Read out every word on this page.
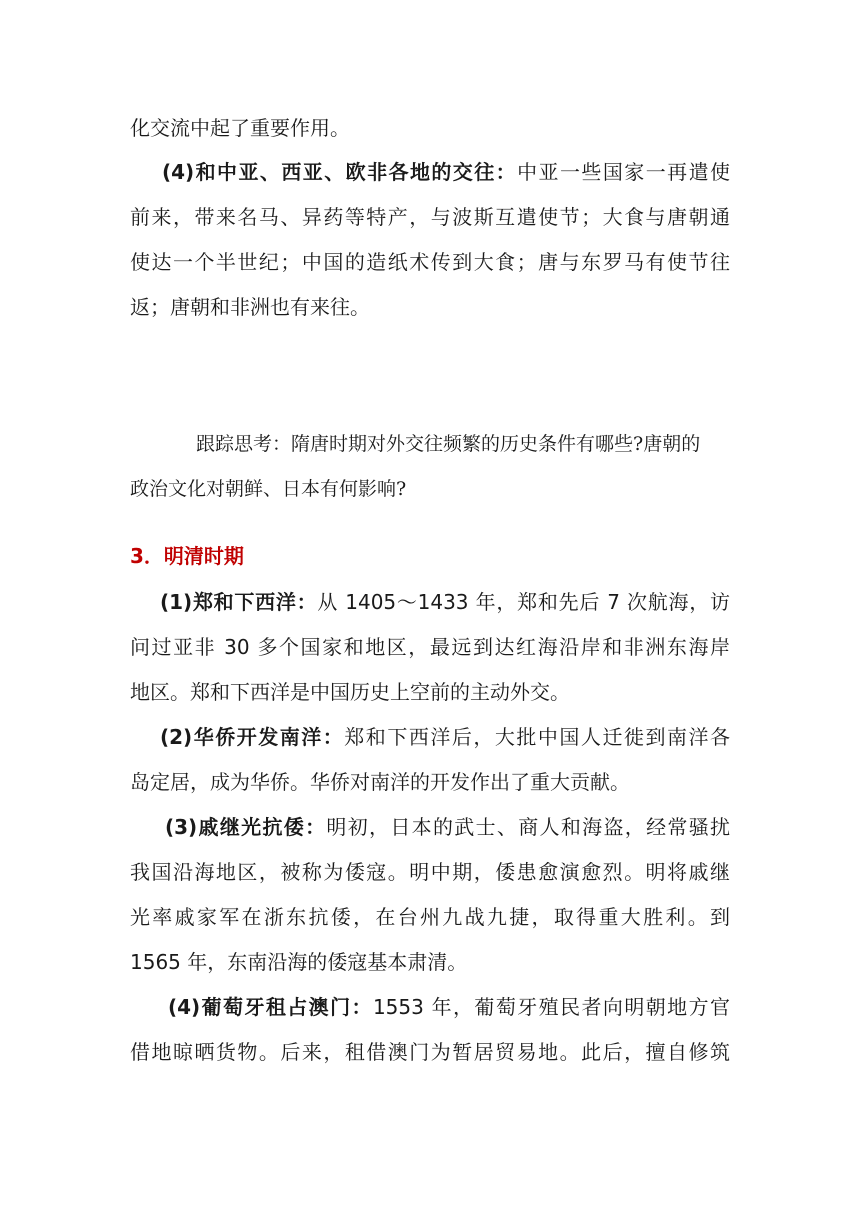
化交流中起了重要作用。
(4)和中亚、西亚、欧非各地的交往：中亚一些国家一再遣使
前来，带来名马、异药等特产，与波斯互遣使节；大食与唐朝通
使达一个半世纪；中国的造纸术传到大食；唐与东罗马有使节往
返；唐朝和非洲也有来往。
跟踪思考：隋唐时期对外交往频繁的历史条件有哪些?唐朝的
政治文化对朝鲜、日本有何影响?
3．明清时期
(1)郑和下西洋：从 1405～1433 年，郑和先后 7 次航海，访
问过亚非 30 多个国家和地区，最远到达红海沿岸和非洲东海岸
地区。郑和下西洋是中国历史上空前的主动外交。
(2)华侨开发南洋：郑和下西洋后，大批中国人迁徙到南洋各
岛定居，成为华侨。华侨对南洋的开发作出了重大贡献。
(3)戚继光抗倭：明初，日本的武士、商人和海盗，经常骚扰
我国沿海地区，被称为倭寇。明中期，倭患愈演愈烈。明将戚继
光率戚家军在浙东抗倭，在台州九战九捷，取得重大胜利。到
1565 年，东南沿海的倭寇基本肃清。
(4)葡萄牙租占澳门：1553 年，葡萄牙殖民者向明朝地方官
借地晾晒货物。后来，租借澳门为暂居贸易地。此后，擅自修筑
